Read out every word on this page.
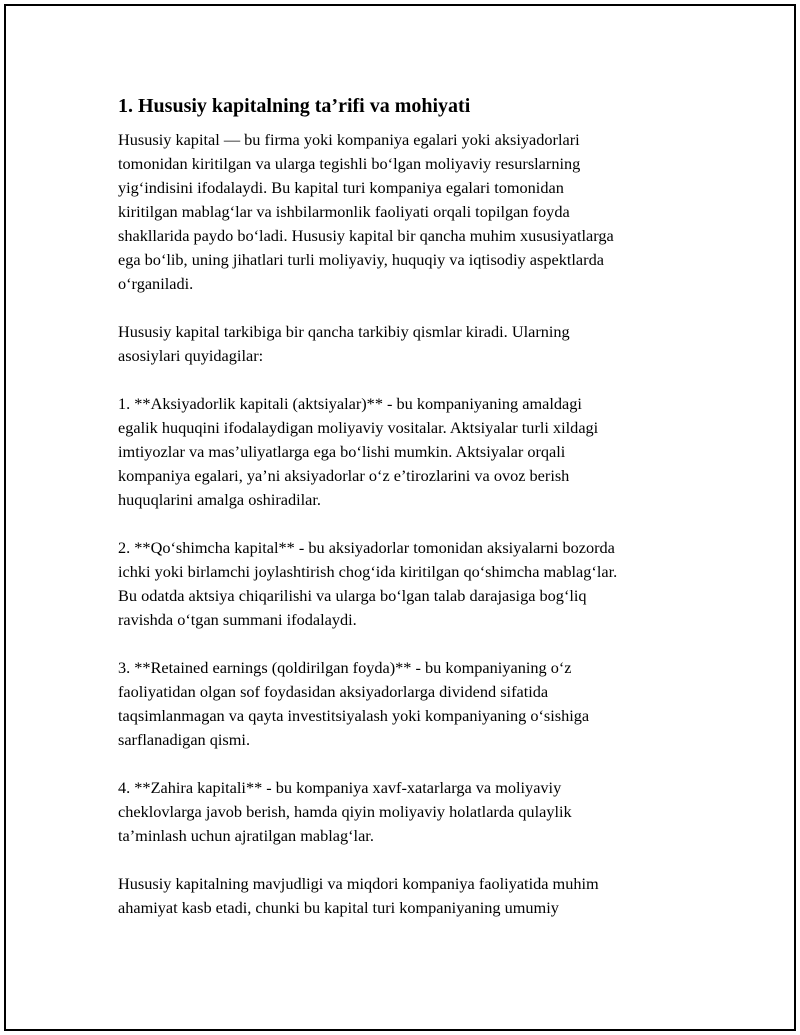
1. Hususiy kapitalning ta’rifi va mohiyati

Hususiy kapital — bu firma yoki kompaniya egalari yoki aksiyadorlari
tomonidan kiritilgan va ularga tegishli bo‘lgan moliyaviy resurslarning
yig‘indisini ifodalaydi. Bu kapital turi kompaniya egalari tomonidan
kiritilgan mablag‘lar va ishbilarmonlik faoliyati orqali topilgan foyda
shakllarida paydo bo‘ladi. Hususiy kapital bir qancha muhim xususiyatlarga
ega bo‘lib, uning jihatlari turli moliyaviy, huquqiy va iqtisodiy aspektlarda
o‘rganiladi.

Hususiy kapital tarkibiga bir qancha tarkibiy qismlar kiradi. Ularning
asosiylari quyidagilar:

1. **Aksiyadorlik kapitali (aktsiyalar)** - bu kompaniyaning amaldagi
egalik huquqini ifodalaydigan moliyaviy vositalar. Aktsiyalar turli xildagi
imtiyozlar va mas’uliyatlarga ega bo‘lishi mumkin. Aktsiyalar orqali
kompaniya egalari, ya’ni aksiyadorlar o‘z e’tirozlarini va ovoz berish
huquqlarini amalga oshiradilar.

2. **Qo‘shimcha kapital** - bu aksiyadorlar tomonidan aksiyalarni bozorda
ichki yoki birlamchi joylashtirish chog‘ida kiritilgan qo‘shimcha mablag‘lar.
Bu odatda aktsiya chiqarilishi va ularga bo‘lgan talab darajasiga bog‘liq
ravishda o‘tgan summani ifodalaydi.

3. **Retained earnings (qoldirilgan foyda)** - bu kompaniyaning o‘z
faoliyatidan olgan sof foydasidan aksiyadorlarga dividend sifatida
taqsimlanmagan va qayta investitsiyalash yoki kompaniyaning o‘sishiga
sarflanadigan qismi.

4. **Zahira kapitali** - bu kompaniya xavf-xatarlarga va moliyaviy
cheklovlarga javob berish, hamda qiyin moliyaviy holatlarda qulaylik
ta’minlash uchun ajratilgan mablag‘lar.

Hususiy kapitalning mavjudligi va miqdori kompaniya faoliyatida muhim
ahamiyat kasb etadi, chunki bu kapital turi kompaniyaning umumiy
